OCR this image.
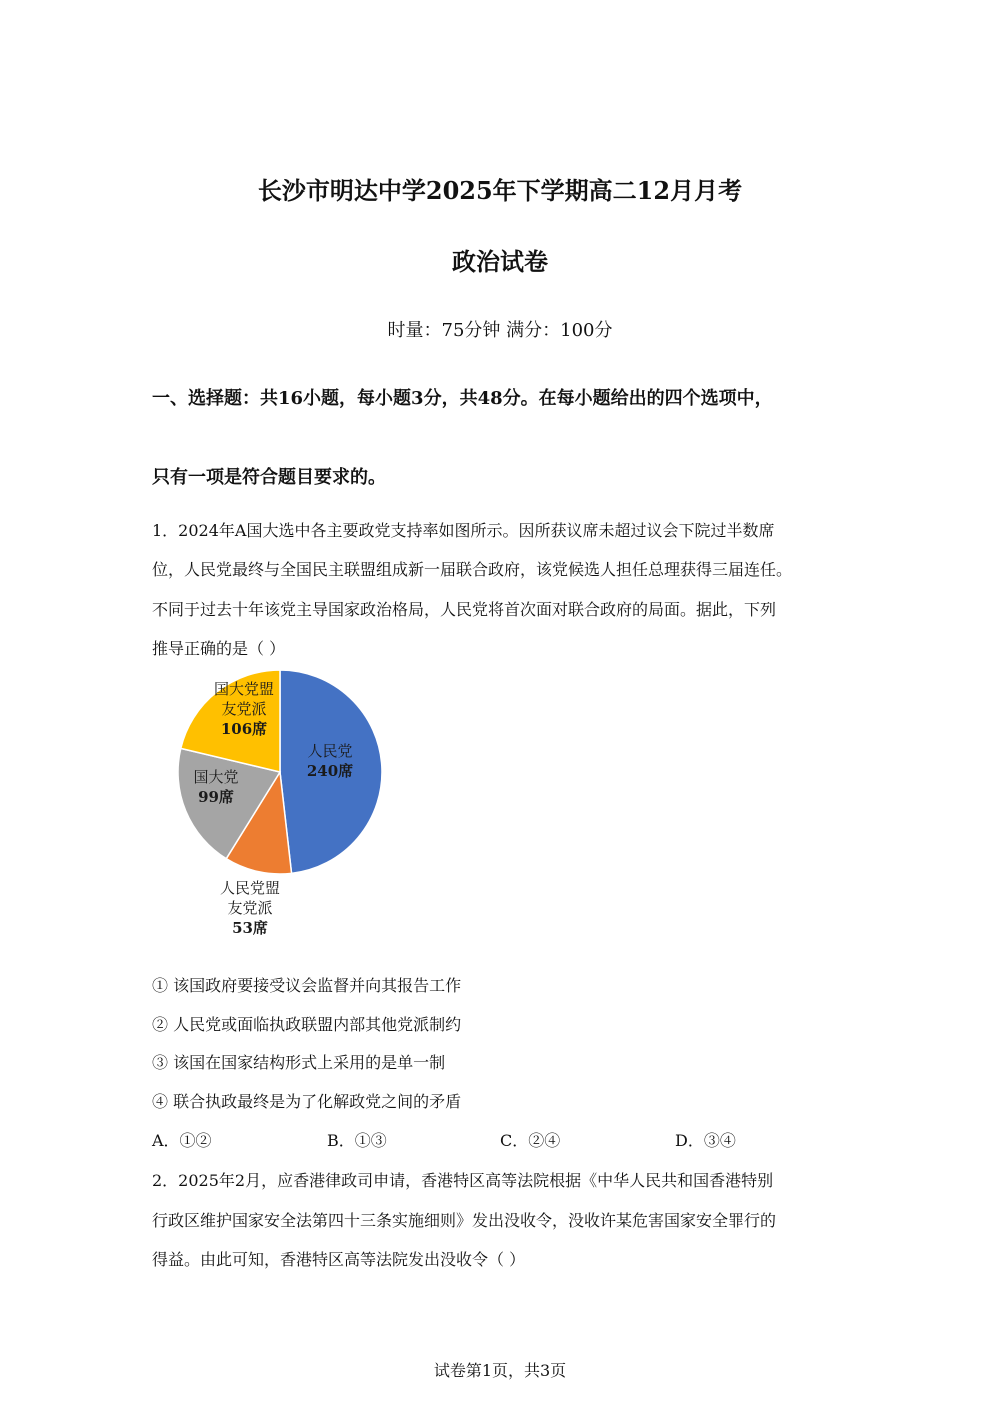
长沙市明达中学2025年下学期高二12月月考
政治试卷
时量：75分钟 满分：100分
一、选择题：共16小题，每小题3分，共48分。在每小题给出的四个选项中，
只有一项是符合题目要求的。
1．2024年A国大选中各主要政党支持率如图所示。因所获议席未超过议会下院过半数席
位，人民党最终与全国民主联盟组成新一届联合政府，该党候选人担任总理获得三届连任。
不同于过去十年该党主导国家政治格局，人民党将首次面对联合政府的局面。据此，下列
推导正确的是（ ）
人民党
240席
国大党
99席
国大党盟
友党派
106席
人民党盟
友党派
53席
① 该国政府要接受议会监督并向其报告工作
② 人民党或面临执政联盟内部其他党派制约
③ 该国在国家结构形式上采用的是单一制
④ 联合执政最终是为了化解政党之间的矛盾
A．①②	B．①③	C．②④	D．③④
2．2025年2月，应香港律政司申请，香港特区高等法院根据《中华人民共和国香港特别
行政区维护国家安全法第四十三条实施细则》发出没收令，没收许某危害国家安全罪行的
得益。由此可知，香港特区高等法院发出没收令（ ）
试卷第1页，共3页
